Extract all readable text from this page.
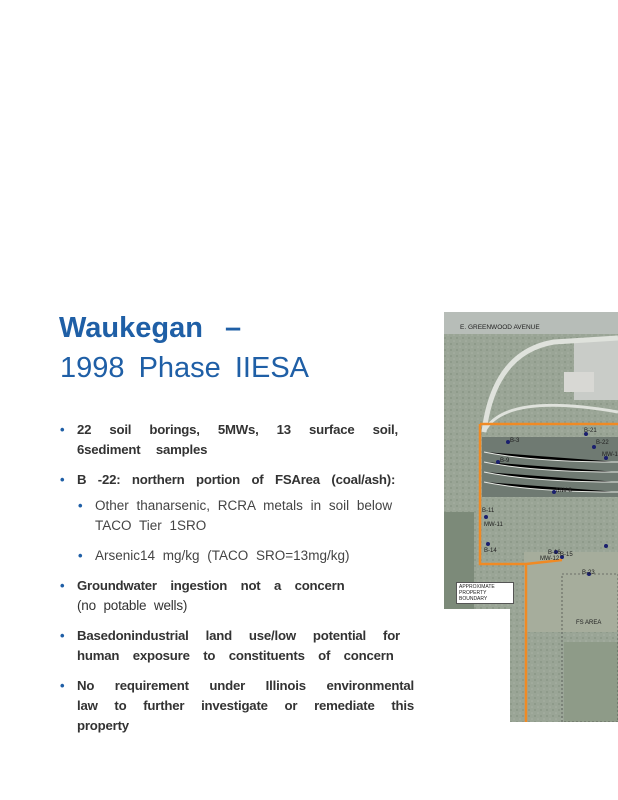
Waukegan –
1998 Phase IIESA
• 22 soil borings, 5MWs, 13 surface soil, 6sediment samples
• B -22: northern portion of FSArea (coal/ash):
• Other thanarsenic, RCRA metals in soil below TACO Tier 1SRO
• Arsenic14 mg/kg (TACO SRO=13mg/kg)
• Groundwater ingestion not a concern
(no potable wells)
• Basedonindustrial land use/low potential for human exposure to constituents of concern
• No requirement under Illinois environmental law to further investigate or remediate this property
E. GREENWOOD AVENUE
APPROXIMATE PROPERTY BOUNDARY
FS AREA
B-21
B-22
MW-1
B-3
B-9
B-11
B-16
MW-11
MW-12
B-15
B-14
MW-8
B-23
